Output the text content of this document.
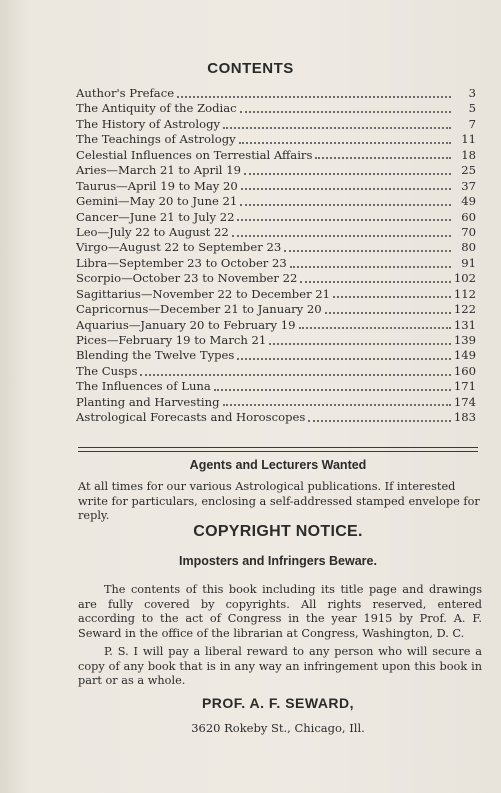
CONTENTS
Author's Preface	3
The Antiquity of the Zodiac	5
The History of Astrology	7
The Teachings of Astrology	11
Celestial Influences on Terrestial Affairs	18
Aries—March 21 to April 19	25
Taurus—April 19 to May 20	37
Gemini—May 20 to June 21	49
Cancer—June 21 to July 22	60
Leo—July 22 to August 22	70
Virgo—August 22 to September 23	80
Libra—September 23 to October 23	91
Scorpio—October 23 to November 22	102
Sagittarius—November 22 to December 21	112
Capricornus—December 21 to January 20	122
Aquarius—January 20 to February 19	131
Pices—February 19 to March 21	139
Blending the Twelve Types	149
The Cusps	160
The Influences of Luna	171
Planting and Harvesting	174
Astrological Forecasts and Horoscopes	183
Agents and Lecturers Wanted
At all times for our various Astrological publications. If interested write for particulars, enclosing a self-addressed stamped envelope for reply.
COPYRIGHT NOTICE.
Imposters and Infringers Beware.
The contents of this book including its title page and drawings are fully covered by copyrights. All rights reserved, entered according to the act of Congress in the year 1915 by Prof. A. F. Seward in the office of the librarian at Congress, Washington, D. C.
P. S. I will pay a liberal reward to any person who will secure a copy of any book that is in any way an infringement upon this book in part or as a whole.
PROF. A. F. SEWARD,
3620 Rokeby St., Chicago, Ill.
